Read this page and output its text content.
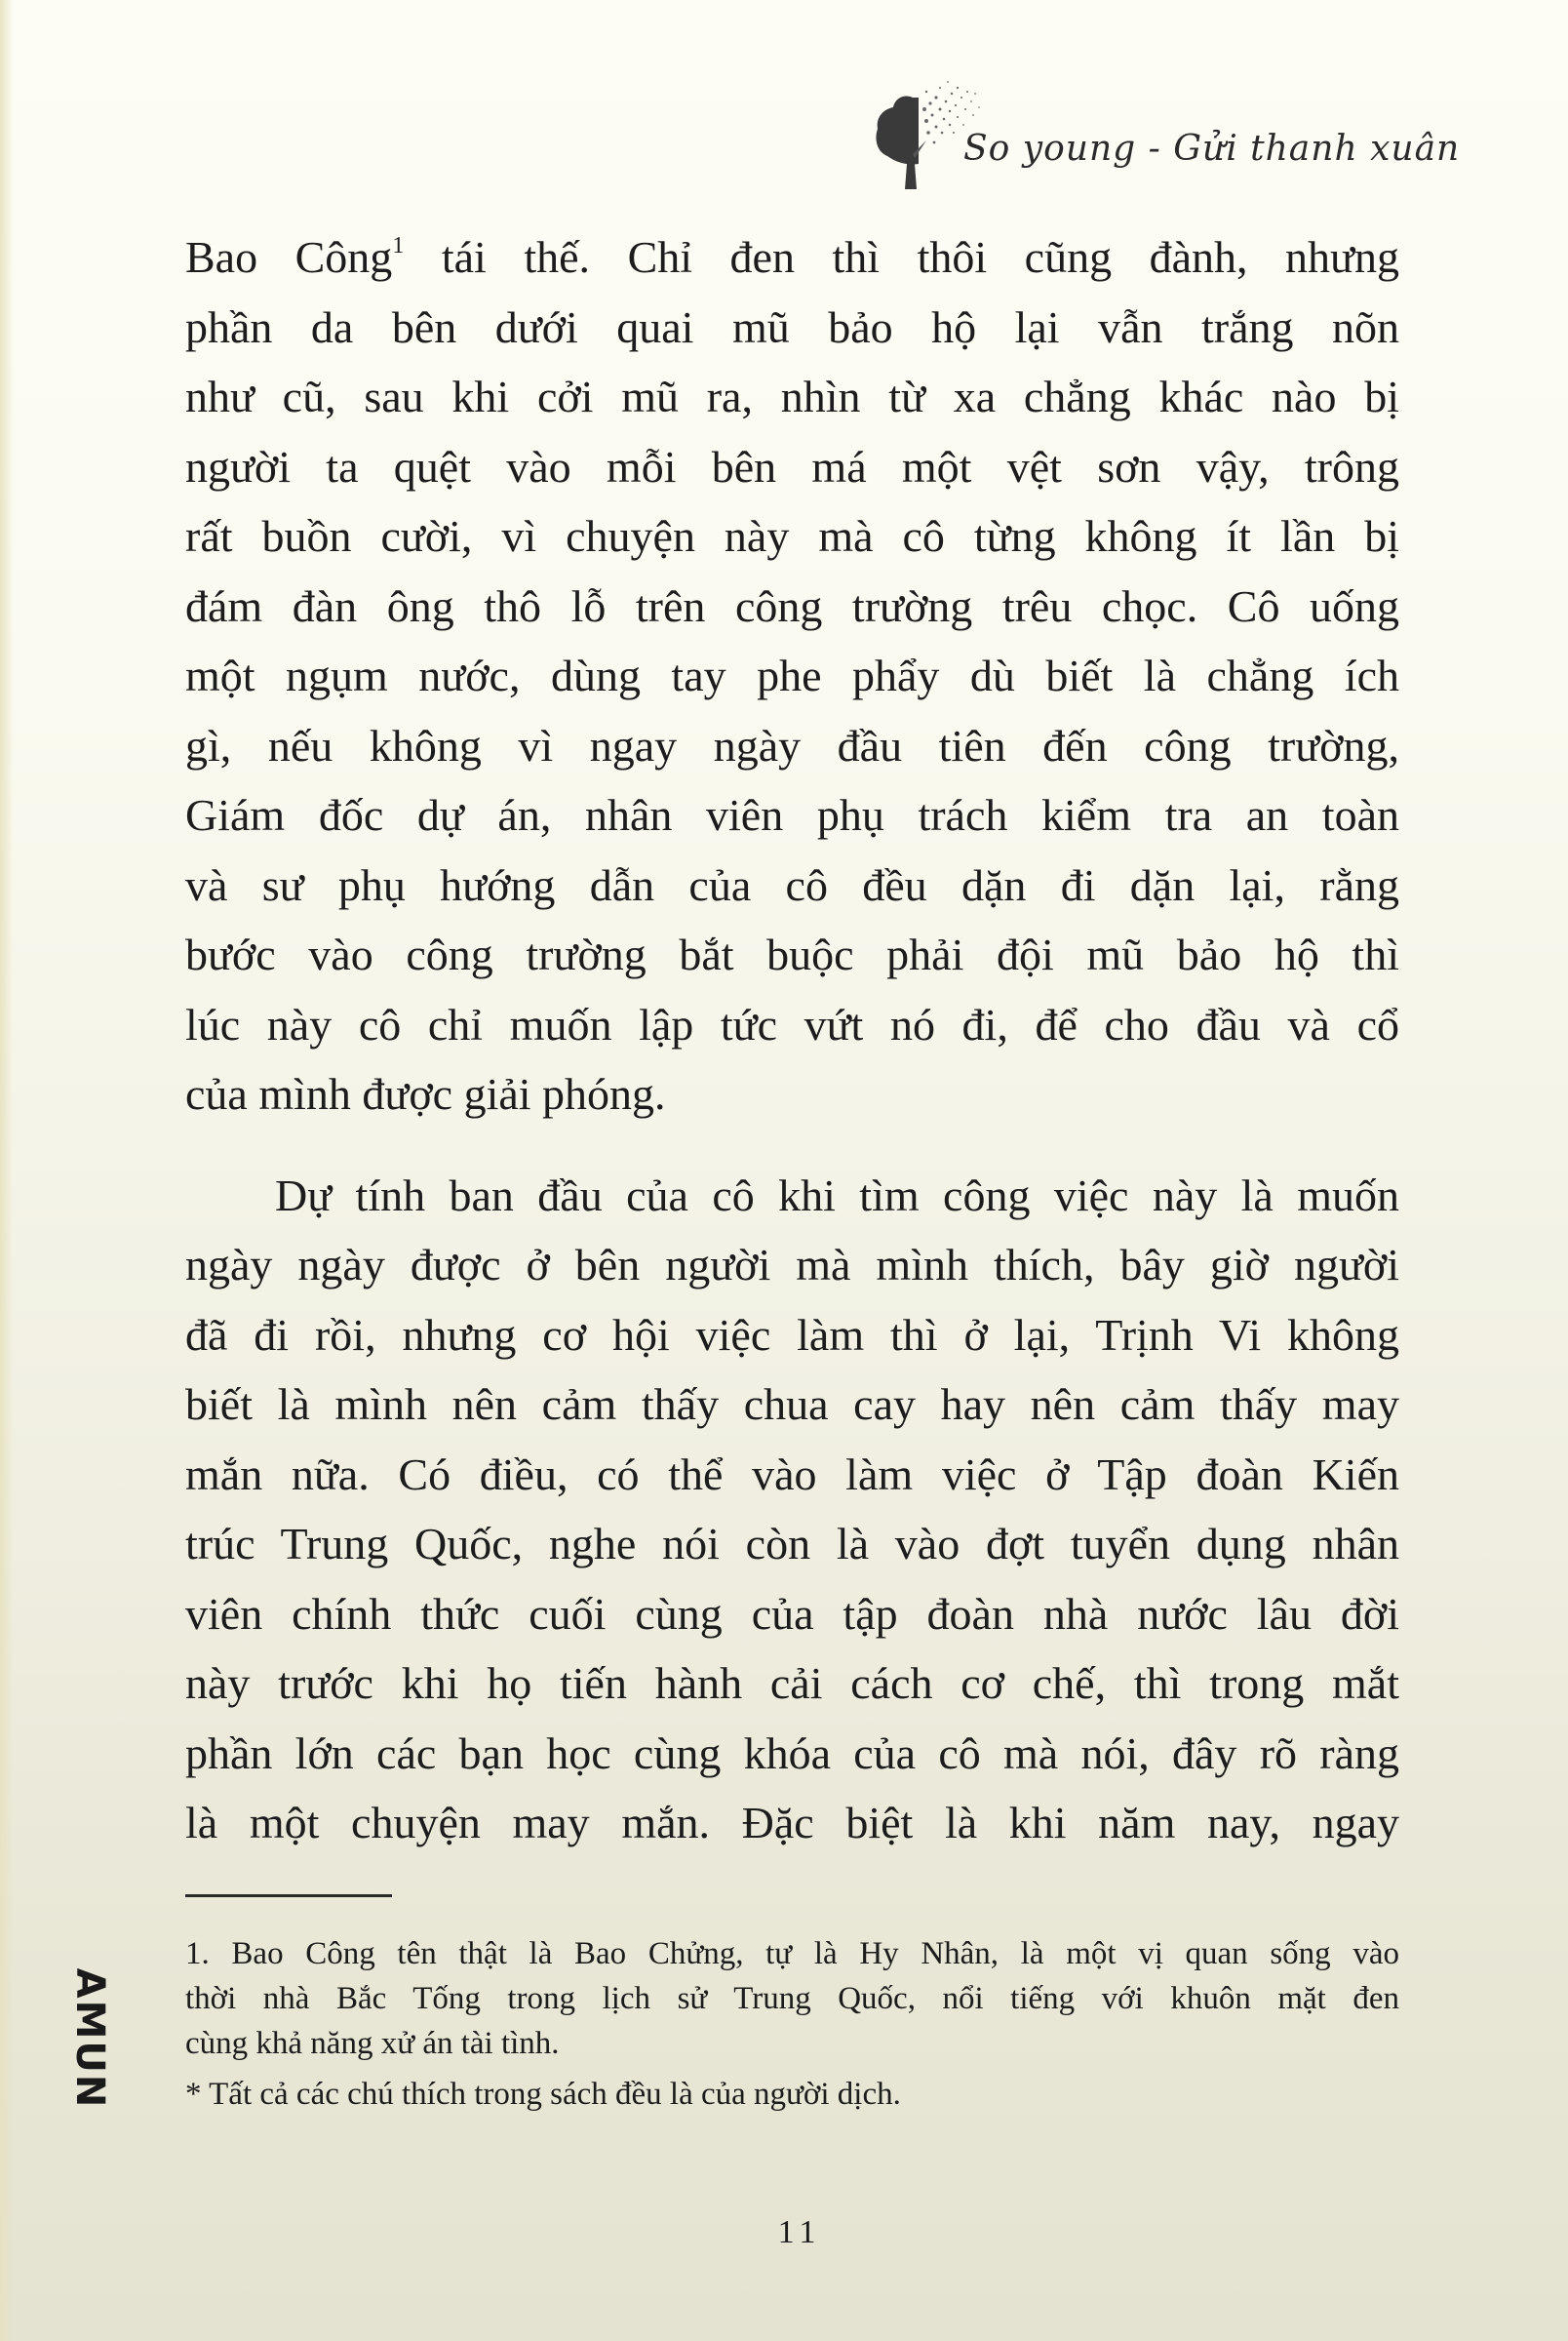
So young - Gửi thanh xuân

Bao Công$^1$ tái thế. Chỉ đen thì thôi cũng đành, nhưng
phần da bên dưới quai mũ bảo hộ lại vẫn trắng nõn
như cũ, sau khi cởi mũ ra, nhìn từ xa chẳng khác nào bị
người ta quệt vào mỗi bên má một vệt sơn vậy, trông
rất buồn cười, vì chuyện này mà cô từng không ít lần bị
đám đàn ông thô lỗ trên công trường trêu chọc. Cô uống
một ngụm nước, dùng tay phe phẩy dù biết là chẳng ích
gì, nếu không vì ngay ngày đầu tiên đến công trường,
Giám đốc dự án, nhân viên phụ trách kiểm tra an toàn
và sư phụ hướng dẫn của cô đều dặn đi dặn lại, rằng
bước vào công trường bắt buộc phải đội mũ bảo hộ thì
lúc này cô chỉ muốn lập tức vứt nó đi, để cho đầu và cổ
của mình được giải phóng.

Dự tính ban đầu của cô khi tìm công việc này là muốn
ngày ngày được ở bên người mà mình thích, bây giờ người
đã đi rồi, nhưng cơ hội việc làm thì ở lại, Trịnh Vi không
biết là mình nên cảm thấy chua cay hay nên cảm thấy may
mắn nữa. Có điều, có thể vào làm việc ở Tập đoàn Kiến
trúc Trung Quốc, nghe nói còn là vào đợt tuyển dụng nhân
viên chính thức cuối cùng của tập đoàn nhà nước lâu đời
này trước khi họ tiến hành cải cách cơ chế, thì trong mắt
phần lớn các bạn học cùng khóa của cô mà nói, đây rõ ràng
là một chuyện may mắn. Đặc biệt là khi năm nay, ngay

1. Bao Công tên thật là Bao Chửng, tự là Hy Nhân, là một vị quan sống vào
thời nhà Bắc Tống trong lịch sử Trung Quốc, nổi tiếng với khuôn mặt đen
cùng khả năng xử án tài tình.
* Tất cả các chú thích trong sách đều là của người dịch.
AMUN
11
